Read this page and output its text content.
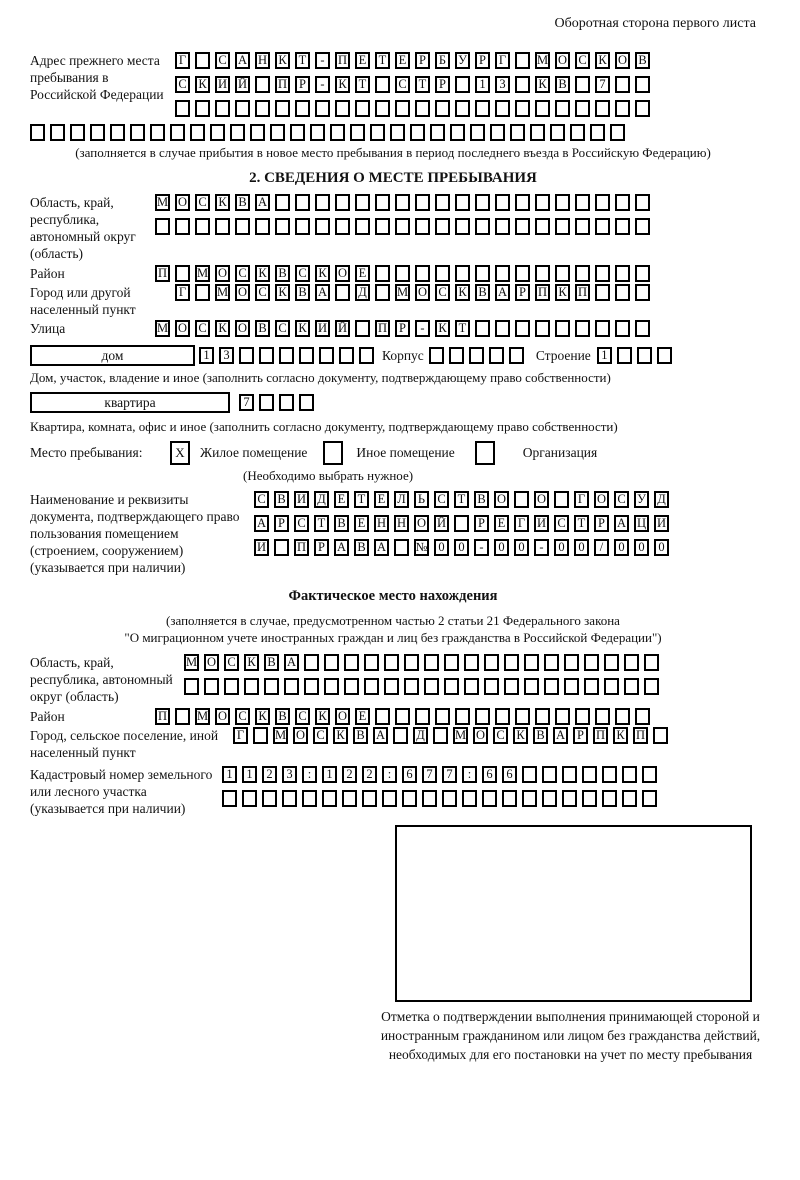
Оборотная сторона первого листа
Адрес прежнего места пребывания в Российской Федерации
Г	С А Н К Т	-	П Е Т Е	Р	Б У Р	Г	М О С К О В
С К И Й П Р	-	К Т	С Т	Р	1	3	К В	7
(заполняется в случае прибытия в новое место пребывания в период последнего въезда в Российскую Федерацию)
2. СВЕДЕНИЯ О МЕСТЕ ПРЕБЫВАНИЯ
Область, край, республика, автономный округ (область)
М О С К В А
Район	П М О С К В С К О Е
Город или другой населенный пункт
Г	М О С К В А Д М О С К В А Р П К П
Улица	М О С К О В С К И Й П Р	-	К Т
дом	1	3	Корпус	Строение 1
Дом, участок, владение и иное (заполнить согласно документу, подтверждающему право собственности)
квартира	7
Квартира, комната, офис и иное (заполнить согласно документу, подтверждающему право собственности)
Место пребывания:	X	Жилое помещение	Иное помещение	Организация
(Необходимо выбрать нужное)
Наименование и реквизиты документа, подтверждающего право пользования помещением (строением, сооружением) (указывается при наличии)
С В И Д Е Т Е Л Ь С Т В О О	Г О С У Д
А Р С Т В Е Н Н О Й	Р	Е	Г И С Т	Р А Ц И
И П Р А В А № 0	0	-	0	0	-	0	0	/	0	0	0
Фактическое место нахождения
(заполняется в случае, предусмотренном частью 2 статьи 21 Федерального закона
"О миграционном учете иностранных граждан и лиц без гражданства в Российской Федерации")
Область, край, республика, автономный округ (область)
М О С К В А
Район	П М О С К В С К О Е
Город, сельское поселение, иной населенный пункт
Г	М О С К В А Д М О С К В А Р П К П
Кадастровый номер земельного или лесного участка (указывается при наличии)
1	1	2	3	:	1	2	2	:	6	7	7	:	6	6
Отметка о подтверждении выполнения принимающей стороной и иностранным гражданином или лицом без гражданства действий, необходимых для его постановки на учет по месту пребывания
